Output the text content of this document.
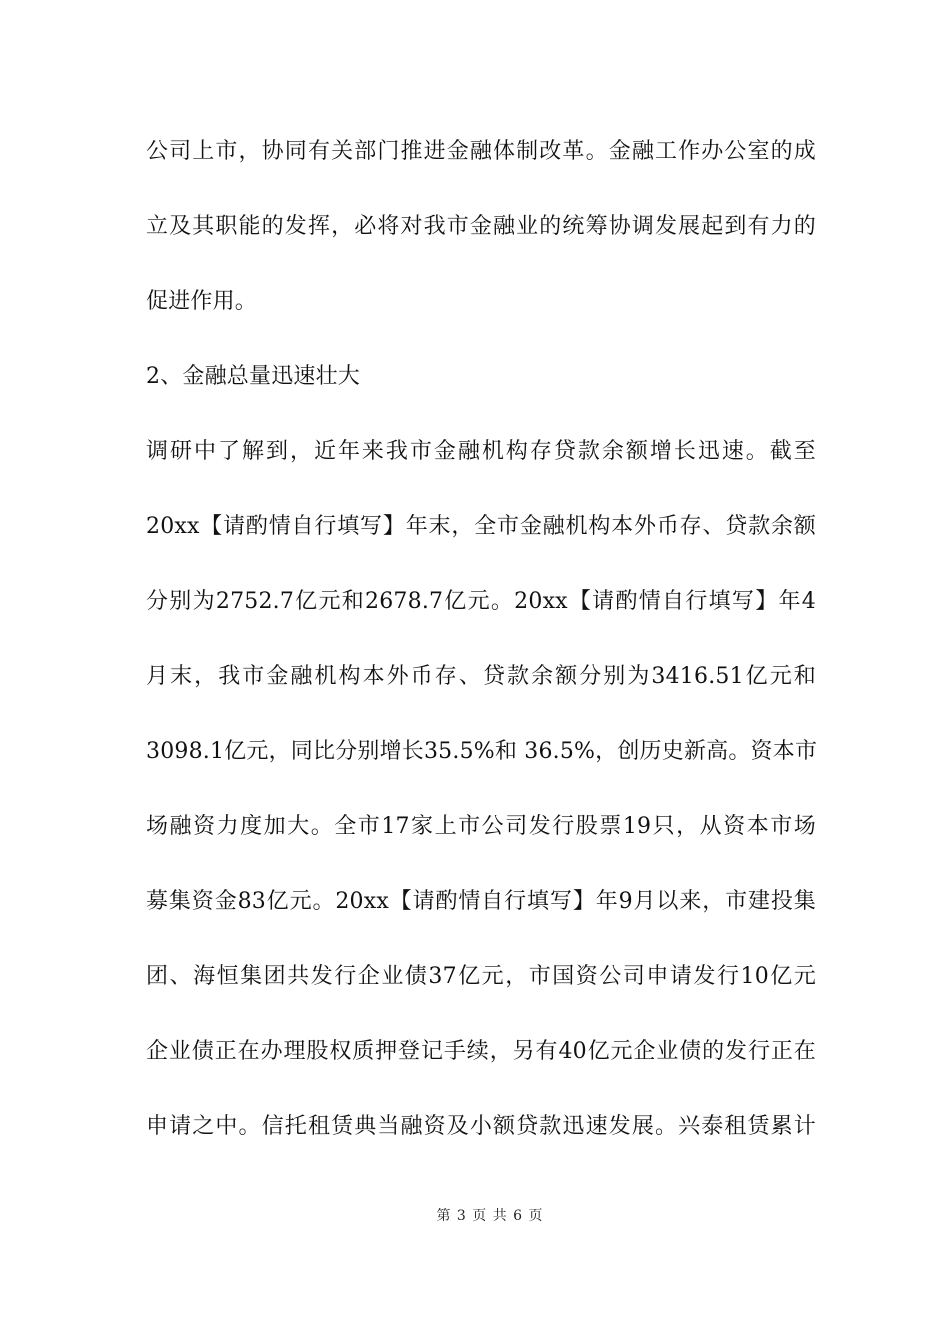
公司上市，协同有关部门推进金融体制改革。金融工作办公室的成
立及其职能的发挥，必将对我市金融业的统筹协调发展起到有力的
促进作用。
2、金融总量迅速壮大
调研中了解到，近年来我市金融机构存贷款余额增长迅速。截至
20xx【请酌情自行填写】年末，全市金融机构本外币存、贷款余额
分别为2752.7亿元和2678.7亿元。20xx【请酌情自行填写】年4
月末，我市金融机构本外币存、贷款余额分别为3416.51亿元和
3098.1亿元，同比分别增长35.5%和 36.5%，创历史新高。资本市
场融资力度加大。全市17家上市公司发行股票19只，从资本市场
募集资金83亿元。20xx【请酌情自行填写】年9月以来，市建投集
团、海恒集团共发行企业债37亿元，市国资公司申请发行10亿元
企业债正在办理股权质押登记手续，另有40亿元企业债的发行正在
申请之中。信托租赁典当融资及小额贷款迅速发展。兴泰租赁累计
第 3 页 共 6 页
